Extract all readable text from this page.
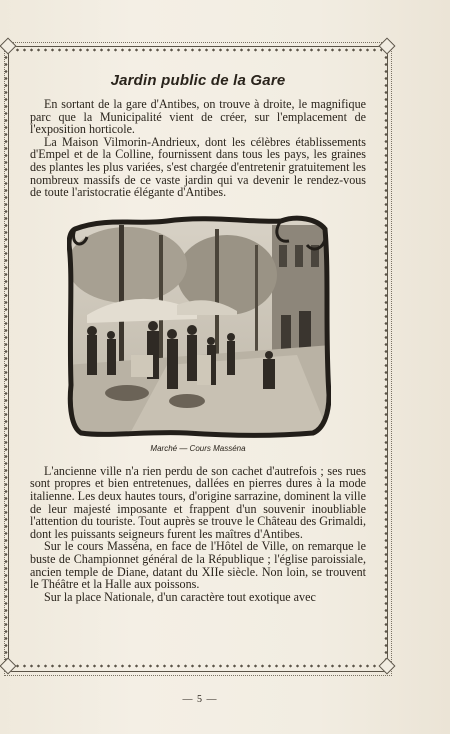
Jardin public de la Gare

En sortant de la gare d'Antibes, on trouve à droite, le magnifique parc que la Municipalité vient de créer, sur l'emplacement de l'exposition horticole.

La Maison Vilmorin-Andrieux, dont les célèbres établissements d'Empel et de la Colline, fournissent dans tous les pays, les graines des plantes les plus variées, s'est chargée d'entretenir gratuitement les nombreux massifs de ce vaste jardin qui va devenir le rendez-vous de toute l'aristocratie élégante d'Antibes.

Marché — Cours Masséna

L'ancienne ville n'a rien perdu de son cachet d'autrefois ; ses rues sont propres et bien entretenues, dallées en pierres dures à la mode italienne. Les deux hautes tours, d'origine sarrazine, dominent la ville de leur majesté imposante et frappent d'un souvenir inoubliable l'attention du touriste. Tout auprès se trouve le Château des Grimaldi, dont les puissants seigneurs furent les maîtres d'Antibes.

Sur le cours Masséna, en face de l'Hôtel de Ville, on remarque le buste de Championnet général de la République ; l'église paroissiale, ancien temple de Diane, datant du XIIe siècle. Non loin, se trouvent le Théâtre et la Halle aux poissons.

Sur la place Nationale, d'un caractère tout exotique avec

— 5 —
